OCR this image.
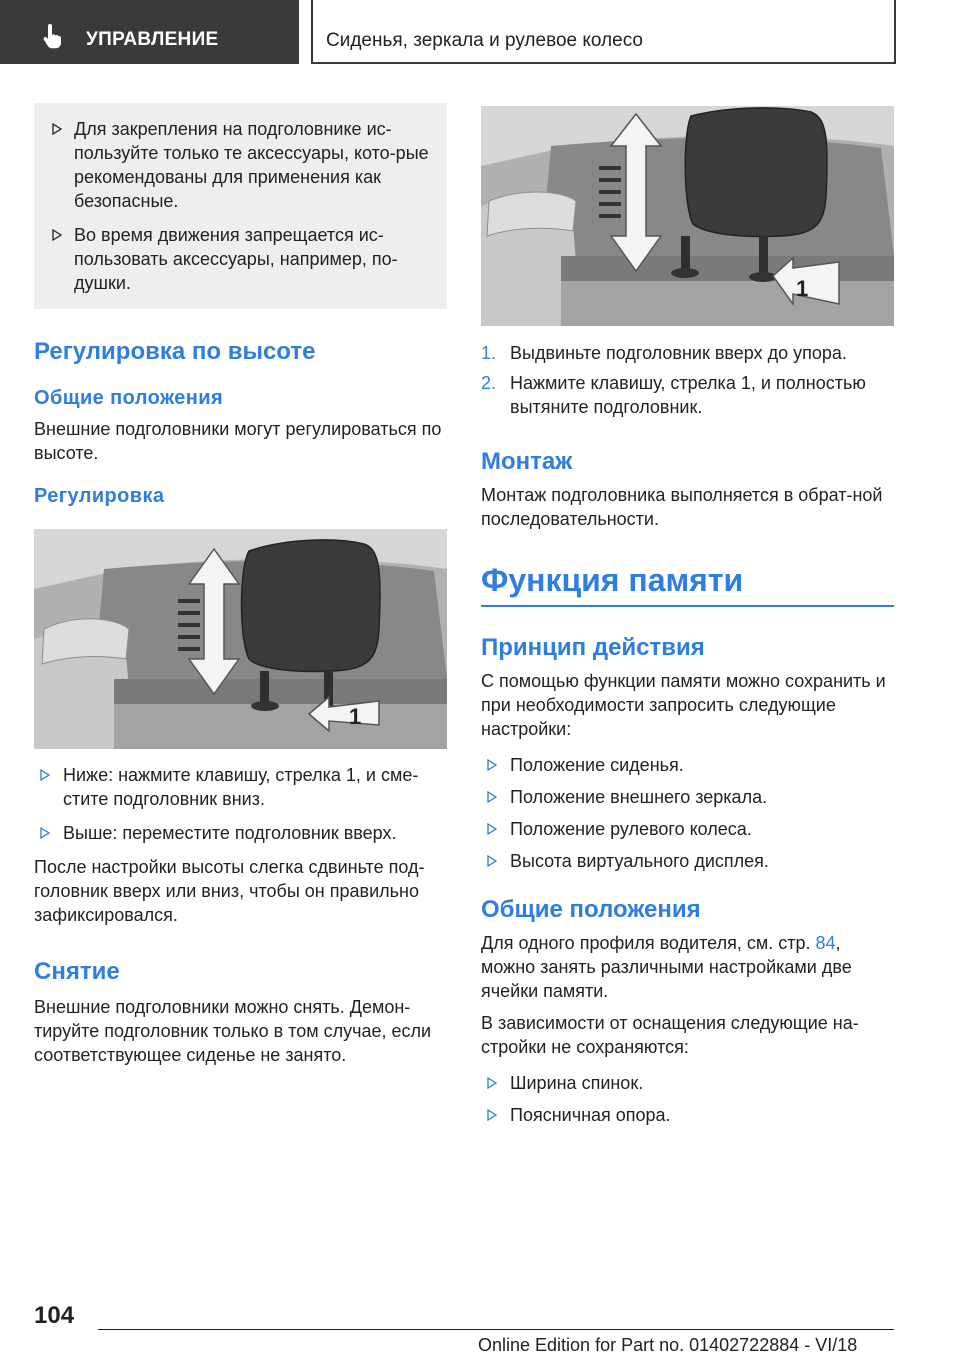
УПРАВЛЕНИЕ	Сиденья, зеркала и рулевое колесо

Для закрепления на подголовнике ис-пользуйте только те аксессуары, кото-рые рекомендованы для применения как безопасные.

Во время движения запрещается ис-пользовать аксессуары, например, по-душки.

Регулировка по высоте
Общие положения

Внешние подголовники могут регулироваться по высоте.

Регулировка
1

Ниже: нажмите клавишу, стрелка 1, и сме-стите подголовник вниз.

Выше: переместите подголовник вверх.

После настройки высоты слегка сдвиньте под-головник вверх или вниз, чтобы он правильно зафиксировался.

Снятие

Внешние подголовники можно снять. Демон-тируйте подголовник только в том случае, если соответствующее сиденье не занято.

1
1. Выдвиньте подголовник вверх до упора.

2. Нажмите клавишу, стрелка 1, и полностью вытяните подголовник.

Монтаж

Монтаж подголовника выполняется в обрат-ной последовательности.

Функция памяти
Принцип действия

С помощью функции памяти можно сохранить и при необходимости запросить следующие настройки:

Положение сиденья.

Положение внешнего зеркала.

Положение рулевого колеса.

Высота виртуального дисплея.

Общие положения

Для одного профиля водителя, см. стр. 84, можно занять различными настройками две ячейки памяти.

В зависимости от оснащения следующие на-стройки не сохраняются:

Ширина спинок.

Поясничная опора.

104
Online Edition for Part no. 01402722884 - VI/18
